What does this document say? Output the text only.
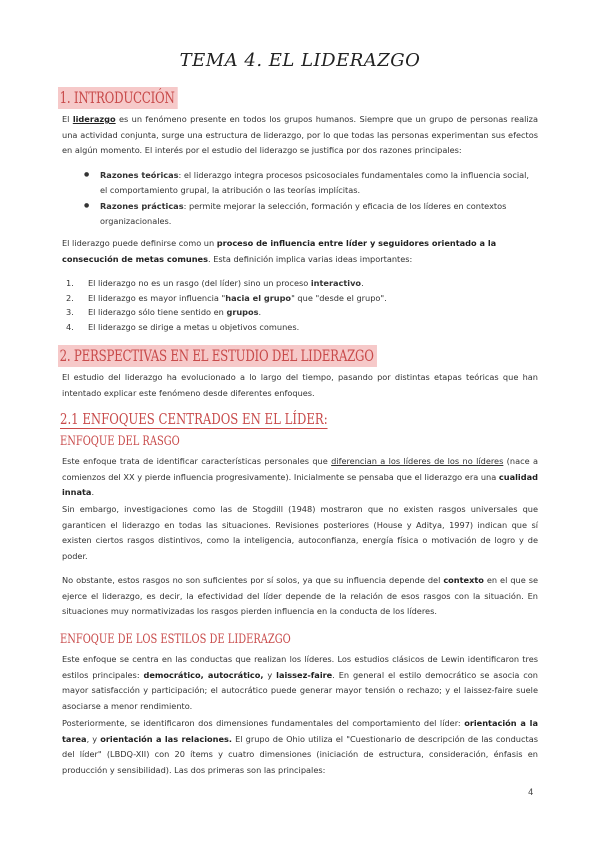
TEMA 4. EL LIDERAZGO
1. INTRODUCCIÓN
El liderazgo es un fenómeno presente en todos los grupos humanos. Siempre que un grupo de personas realiza una actividad conjunta, surge una estructura de liderazgo, por lo que todas las personas experimentan sus efectos en algún momento. El interés por el estudio del liderazgo se justifica por dos razones principales:
● Razones teóricas: el liderazgo integra procesos psicosociales fundamentales como la influencia social, el comportamiento grupal, la atribución o las teorías implícitas.
● Razones prácticas: permite mejorar la selección, formación y eficacia de los líderes en contextos organizacionales.
El liderazgo puede definirse como un proceso de influencia entre líder y seguidores orientado a la consecución de metas comunes. Esta definición implica varias ideas importantes:
1. El liderazgo no es un rasgo (del líder) sino un proceso interactivo.
2. El liderazgo es mayor influencia "hacia el grupo" que "desde el grupo".
3. El liderazgo sólo tiene sentido en grupos.
4. El liderazgo se dirige a metas u objetivos comunes.
2. PERSPECTIVAS EN EL ESTUDIO DEL LIDERAZGO
El estudio del liderazgo ha evolucionado a lo largo del tiempo, pasando por distintas etapas teóricas que han intentado explicar este fenómeno desde diferentes enfoques.
2.1 ENFOQUES CENTRADOS EN EL LÍDER:
ENFOQUE DEL RASGO
Este enfoque trata de identificar características personales que diferencian a los líderes de los no líderes (nace a comienzos del XX y pierde influencia progresivamente). Inicialmente se pensaba que el liderazgo era una cualidad innata.
Sin embargo, investigaciones como las de Stogdill (1948) mostraron que no existen rasgos universales que garanticen el liderazgo en todas las situaciones. Revisiones posteriores (House y Aditya, 1997) indican que sí existen ciertos rasgos distintivos, como la inteligencia, autoconfianza, energía física o motivación de logro y de poder.
No obstante, estos rasgos no son suficientes por sí solos, ya que su influencia depende del contexto en el que se ejerce el liderazgo, es decir, la efectividad del líder depende de la relación de esos rasgos con la situación. En situaciones muy normativizadas los rasgos pierden influencia en la conducta de los líderes.
ENFOQUE DE LOS ESTILOS DE LIDERAZGO
Este enfoque se centra en las conductas que realizan los líderes. Los estudios clásicos de Lewin identificaron tres estilos principales: democrático, autocrático, y laissez-faire. En general el estilo democrático se asocia con mayor satisfacción y participación; el autocrático puede generar mayor tensión o rechazo; y el laissez-faire suele asociarse a menor rendimiento.
Posteriormente, se identificaron dos dimensiones fundamentales del comportamiento del líder: orientación a la tarea, y orientación a las relaciones. El grupo de Ohio utiliza el "Cuestionario de descripción de las conductas del líder" (LBDQ-XII) con 20 ítems y cuatro dimensiones (iniciación de estructura, consideración, énfasis en producción y sensibilidad). Las dos primeras son las principales:
4
